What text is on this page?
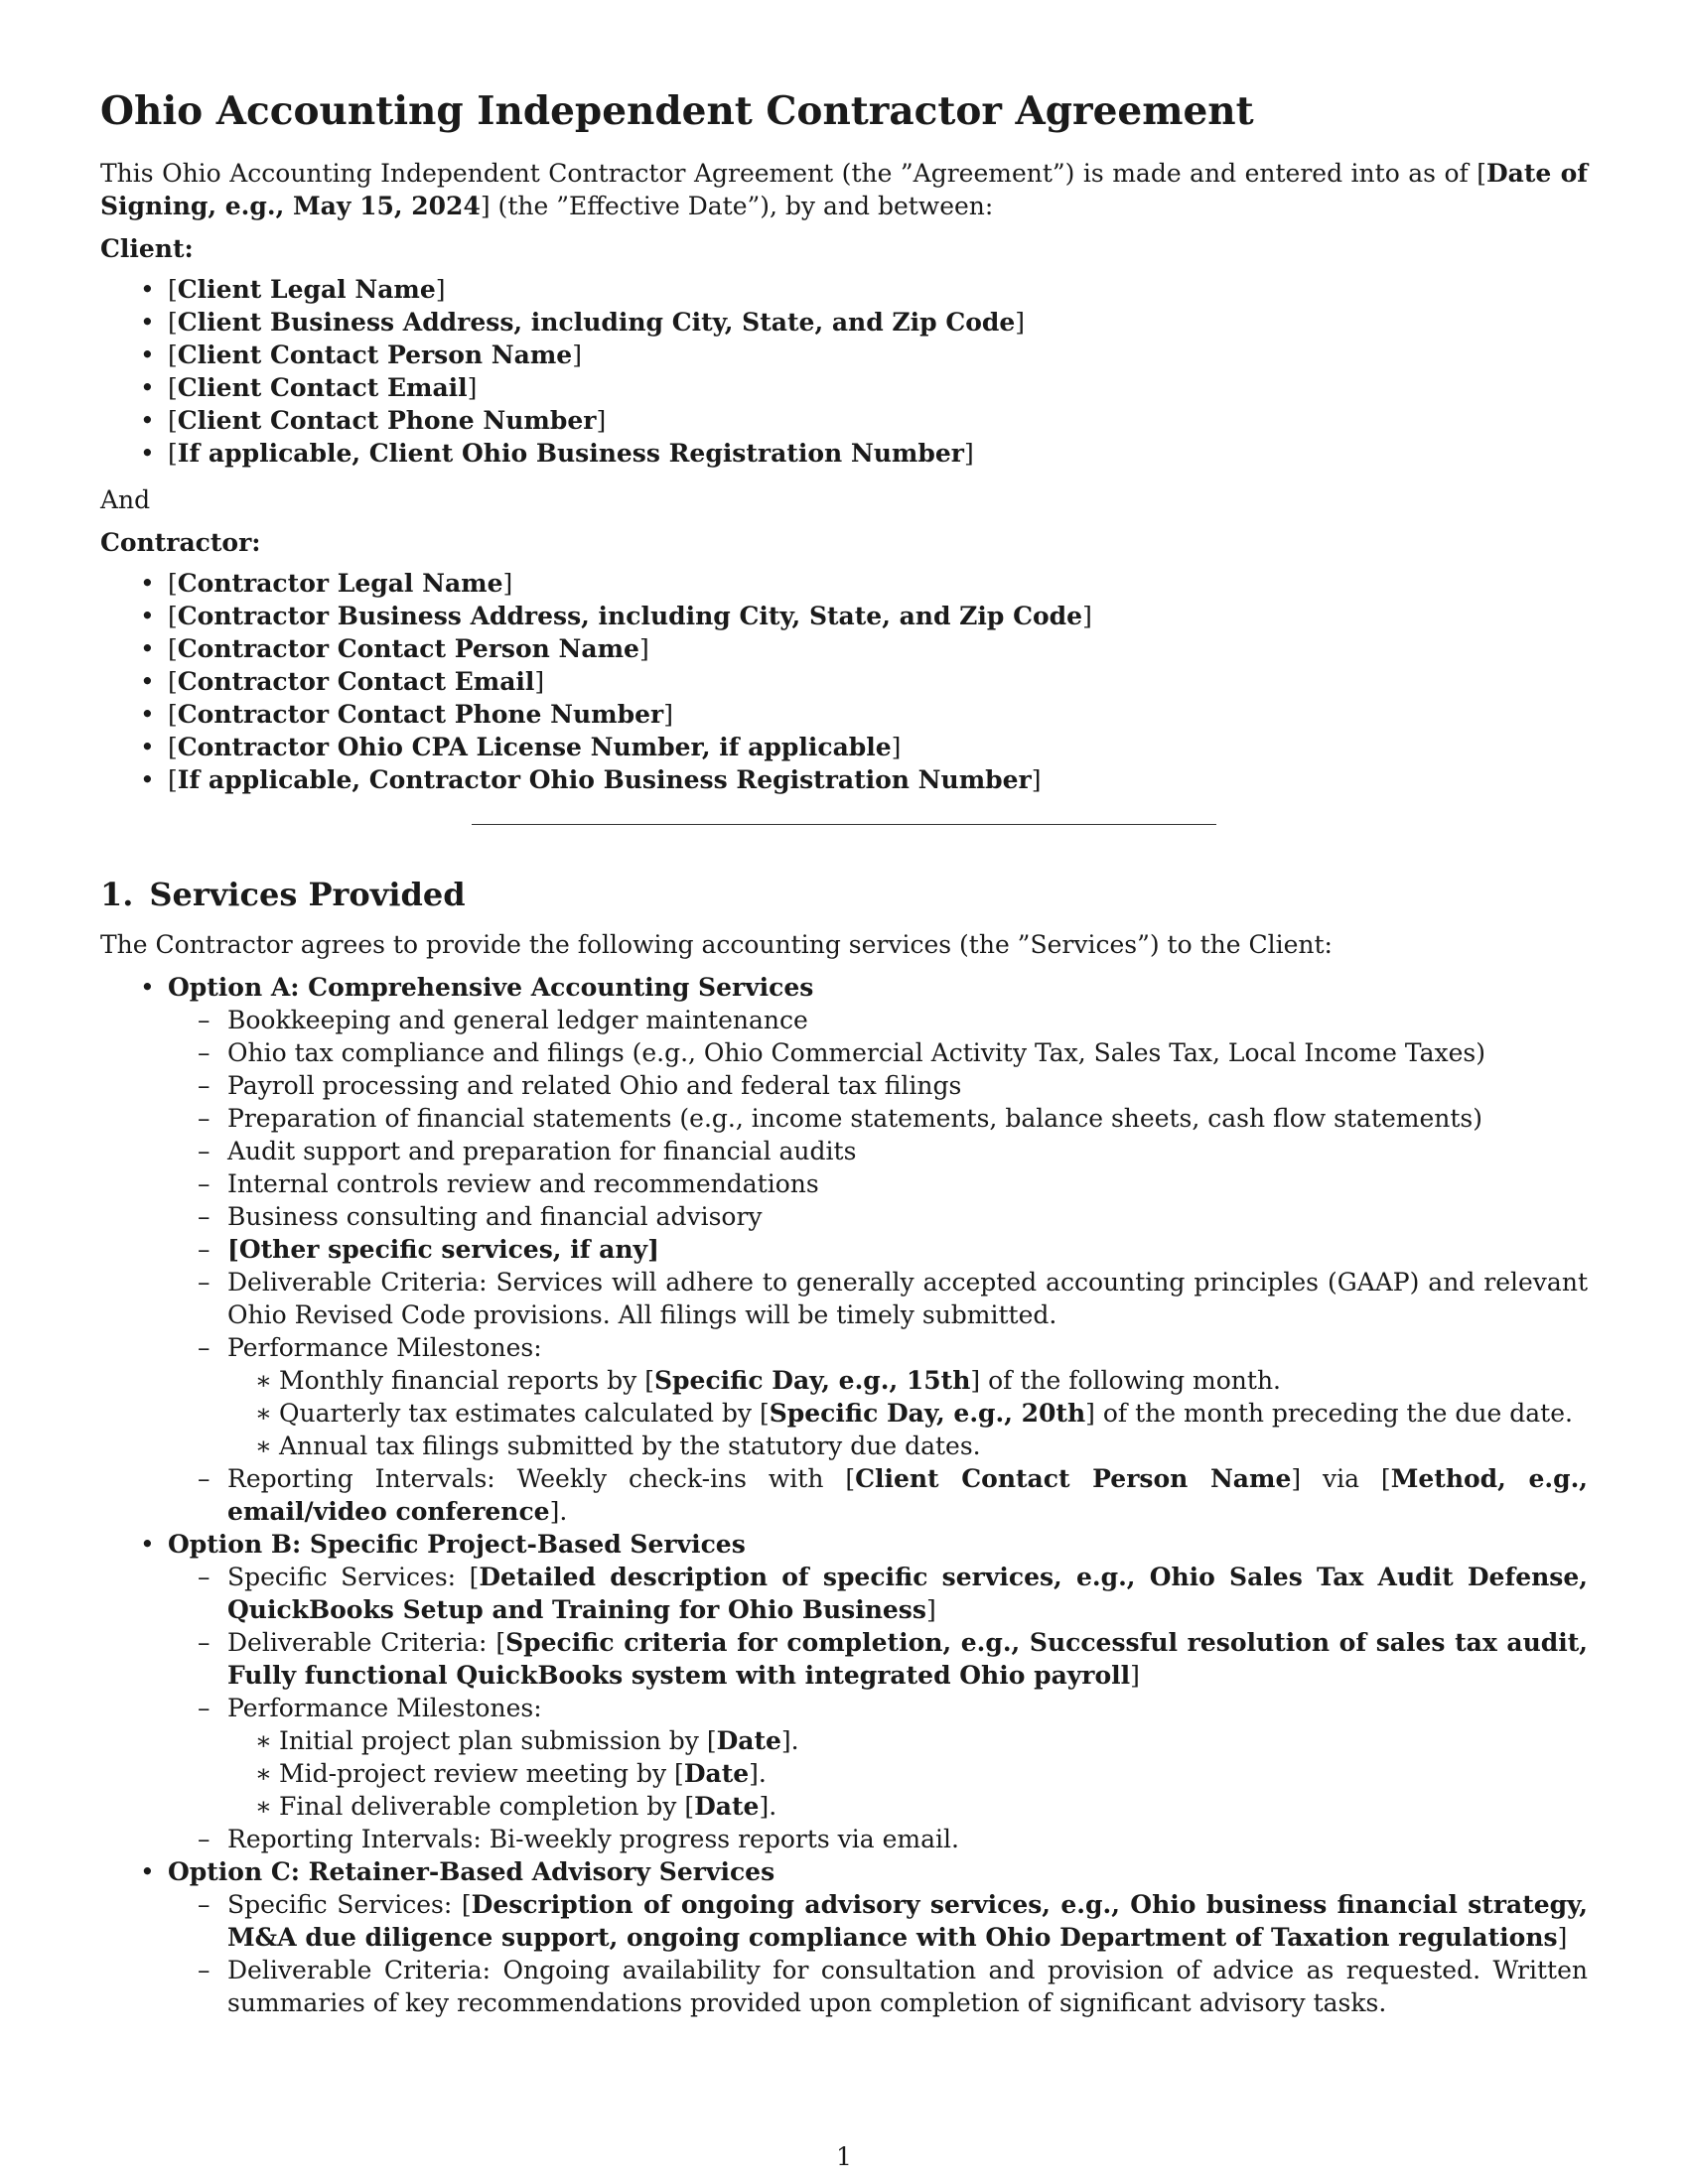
Ohio Accounting Independent Contractor Agreement

This Ohio Accounting Independent Contractor Agreement (the ”Agreement”) is made and entered into as of [Date of Signing, e.g., May 15, 2024] (the ”Effective Date”), by and between:

Client:
• [Client Legal Name]
• [Client Business Address, including City, State, and Zip Code]
• [Client Contact Person Name]
• [Client Contact Email]
• [Client Contact Phone Number]
• [If applicable, Client Ohio Business Registration Number]

And

Contractor:
• [Contractor Legal Name]
• [Contractor Business Address, including City, State, and Zip Code]
• [Contractor Contact Person Name]
• [Contractor Contact Email]
• [Contractor Contact Phone Number]
• [Contractor Ohio CPA License Number, if applicable]
• [If applicable, Contractor Ohio Business Registration Number]
1. Services Provided

The Contractor agrees to provide the following accounting services (the ”Services”) to the Client:

• Option A: Comprehensive Accounting Services
– Bookkeeping and general ledger maintenance
– Ohio tax compliance and filings (e.g., Ohio Commercial Activity Tax, Sales Tax, Local Income Taxes)
– Payroll processing and related Ohio and federal tax filings
– Preparation of financial statements (e.g., income statements, balance sheets, cash flow statements)
– Audit support and preparation for financial audits
– Internal controls review and recommendations
– Business consulting and financial advisory
– [Other specific services, if any]
– Deliverable Criteria: Services will adhere to generally accepted accounting principles (GAAP) and relevant Ohio Revised Code provisions. All filings will be timely submitted.
– Performance Milestones:
∗ Monthly financial reports by [Specific Day, e.g., 15th] of the following month.
∗ Quarterly tax estimates calculated by [Specific Day, e.g., 20th] of the month preceding the due date.
∗ Annual tax filings submitted by the statutory due dates.
– Reporting Intervals: Weekly check-ins with [Client Contact Person Name] via [Method, e.g., email/video conference].
• Option B: Specific Project-Based Services
– Specific Services: [Detailed description of specific services, e.g., Ohio Sales Tax Audit Defense, QuickBooks Setup and Training for Ohio Business]
– Deliverable Criteria: [Specific criteria for completion, e.g., Successful resolution of sales tax audit, Fully functional QuickBooks system with integrated Ohio payroll]
– Performance Milestones:
∗ Initial project plan submission by [Date].
∗ Mid-project review meeting by [Date].
∗ Final deliverable completion by [Date].
– Reporting Intervals: Bi-weekly progress reports via email.
• Option C: Retainer-Based Advisory Services
– Specific Services: [Description of ongoing advisory services, e.g., Ohio business financial strategy, M&A due diligence support, ongoing compliance with Ohio Department of Taxation regulations]
– Deliverable Criteria: Ongoing availability for consultation and provision of advice as requested. Written summaries of key recommendations provided upon completion of significant advisory tasks.
1
